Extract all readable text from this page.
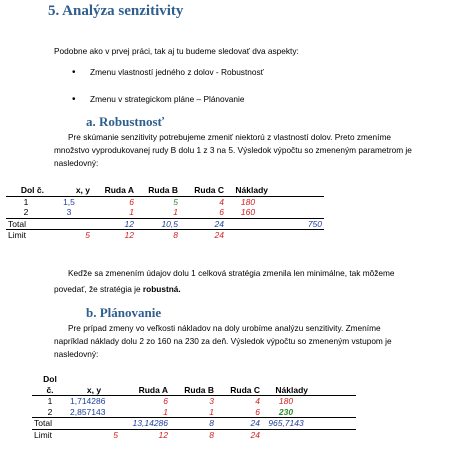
5. Analýza senzitivity
Podobne ako v prvej práci, tak aj tu budeme sledovať dva aspekty:
• Zmenu vlastností jedného z dolov - Robustnosť
• Zmenu v strategickom pláne – Plánovanie
a. Robustnosť
Pre skúmanie senzitivity potrebujeme zmeniť niektorú z vlastností dolov. Preto zmeníme
množstvo vyprodukovanej rudy B dolu 1 z 3 na 5. Výsledok výpočtu so zmeneným parametrom je
nasledovný:
Dol č.	x, y	Ruda A	Ruda B	Ruda C	Náklady	
1	1,5	6	5	4	180	
2	3	1	1	6	160	
Total		12	10,5	24		750
Limit	5	12	8	24		
Keďže sa zmenením údajov dolu 1 celková stratégia zmenila len minimálne, tak môžeme
povedať, že stratégia je robustná.
b. Plánovanie
Pre prípad zmeny vo veľkosti nákladov na doly urobíme analýzu senzitivity. Zmeníme
napríklad náklady dolu 2 zo 160 na 230 za deň. Výsledok výpočtu so zmeneným vstupom je
nasledovný:
Dol						
č.	x, y	Ruda A	Ruda B	Ruda C	Náklady	
1	1,714286	6	3	4	180	
2	2,857143	1	1	6	230	
Total		13,14286	8	24	965,7143	
Limit	5	12	8	24		
